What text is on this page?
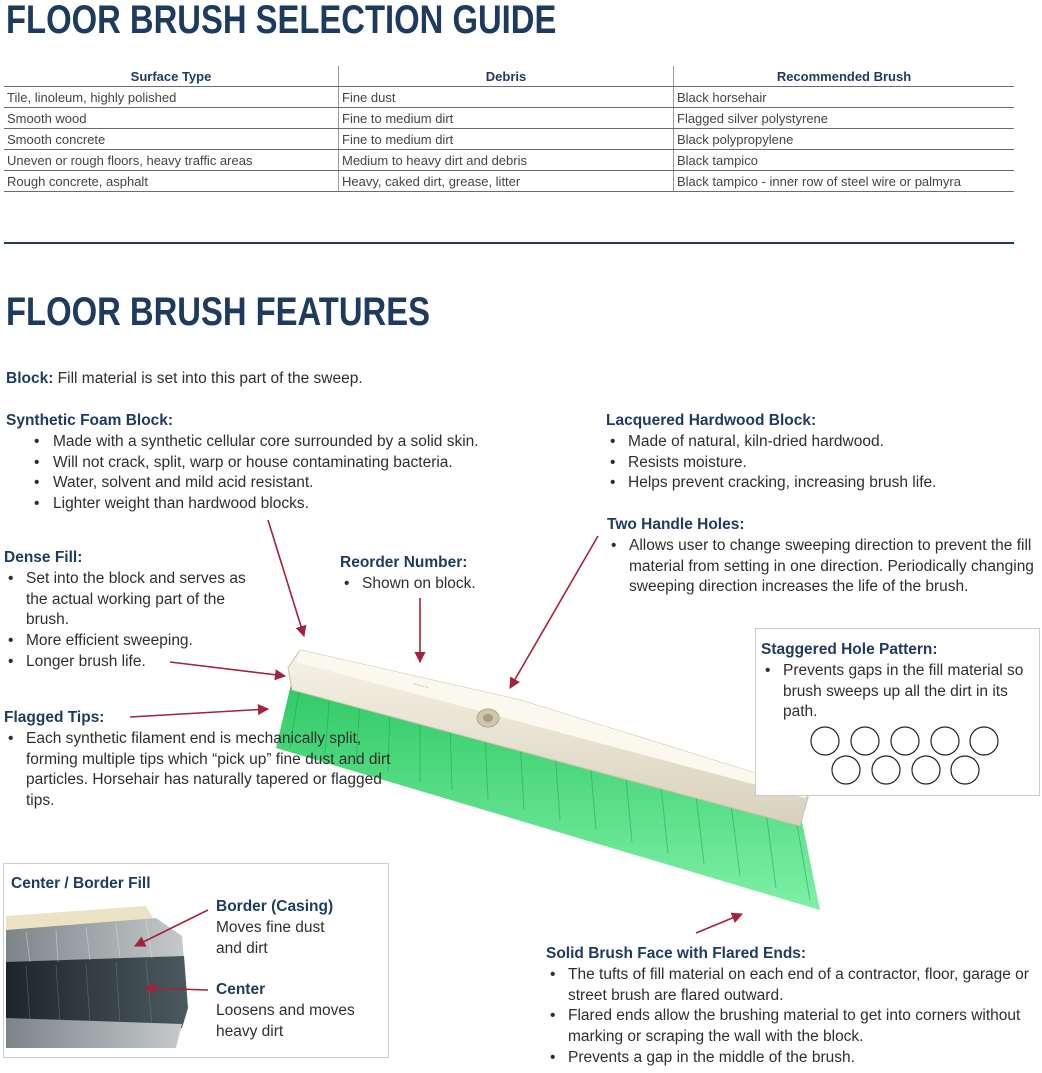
FLOOR BRUSH SELECTION GUIDE
Surface Type	Debris	Recommended Brush
Tile, linoleum, highly polished	Fine dust	Black horsehair
Smooth wood	Fine to medium dirt	Flagged silver polystyrene
Smooth concrete	Fine to medium dirt	Black polypropylene
Uneven or rough floors, heavy traffic areas	Medium to heavy dirt and debris	Black tampico
Rough concrete, asphalt	Heavy, caked dirt, grease, litter	Black tampico - inner row of steel wire or palmyra
FLOOR BRUSH FEATURES
~~~~
Block: Fill material is set into this part of the sweep.
Synthetic Foam Block:
• Made with a synthetic cellular core surrounded by a solid skin.
• Will not crack, split, warp or house contaminating bacteria.
• Water, solvent and mild acid resistant.
• Lighter weight than hardwood blocks.
Lacquered Hardwood Block:
• Made of natural, kiln-dried hardwood.
• Resists moisture.
• Helps prevent cracking, increasing brush life.
Two Handle Holes:
• Allows user to change sweeping direction to prevent the fill material from setting in one direction. Periodically changing sweeping direction increases the life of the brush.
Dense Fill:
• Set into the block and serves as the actual working part of the brush.
• More efficient sweeping.
• Longer brush life.
Reorder Number:
• Shown on block.
Staggered Hole Pattern:
• Prevents gaps in the fill material so brush sweeps up all the dirt in its path.
Flagged Tips:
• Each synthetic filament end is mechanically split, forming multiple tips which “pick up” fine dust and dirt particles. Horsehair has naturally tapered or flagged tips.
Center / Border Fill
Border (Casing)
Moves fine dust and dirt
Center
Loosens and moves heavy dirt
Solid Brush Face with Flared Ends:
• The tufts of fill material on each end of a contractor, floor, garage or street brush are flared outward.
• Flared ends allow the brushing material to get into corners without marking or scraping the wall with the block.
• Prevents a gap in the middle of the brush.
